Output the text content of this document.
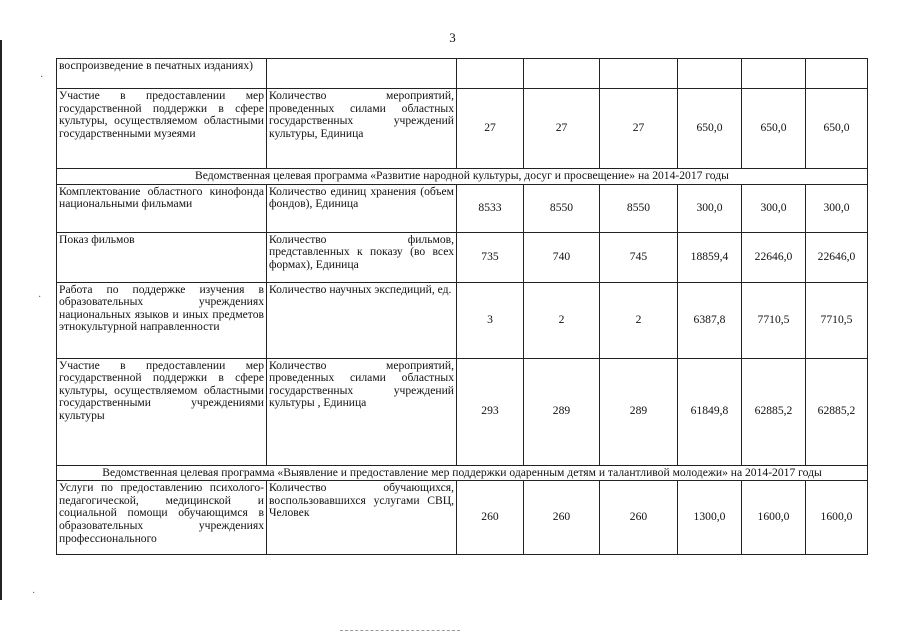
3
·
·
·
воспроизведение в печатных изданиях)							
Участие в предоставлении мер государственной поддержки в сфере культуры, осуществляемом областными государственными музеями	Количество мероприятий, проведенных силами областных государственных учреждений культуры, Единица	27	27	27	650,0	650,0	650,0
Ведомственная целевая программа «Развитие народной культуры, досуг и просвещение» на 2014-2017 годы							
Комплектование областного кинофонда национальными фильмами	Количество единиц хранения (объем фондов), Единица	8533	8550	8550	300,0	300,0	300,0
Показ фильмов	Количество фильмов, представленных к показу (во всех формах), Единица	735	740	745	18859,4	22646,0	22646,0
Работа по поддержке изучения в образовательных учреждениях национальных языков и иных предметов этнокультурной направленности	Количество научных экспедиций, ед.	3	2	2	6387,8	7710,5	7710,5
Участие в предоставлении мер государственной поддержки в сфере культуры, осуществляемом областными государственными учреждениями культуры	Количество мероприятий, проведенных силами областных государственных учреждений культуры , Единица	293	289	289	61849,8	62885,2	62885,2
Ведомственная целевая программа «Выявление и предоставление мер поддержки одаренным детям и талантливой молодежи» на 2014-2017 годы							
Услуги по предоставлению психолого-педагогической, медицинской и социальной помощи обучающимся в образовательных учреждениях профессионального	Количество обучающихся, воспользовавшихся услугами СВЦ, Человек	260	260	260	1300,0	1600,0	1600,0
